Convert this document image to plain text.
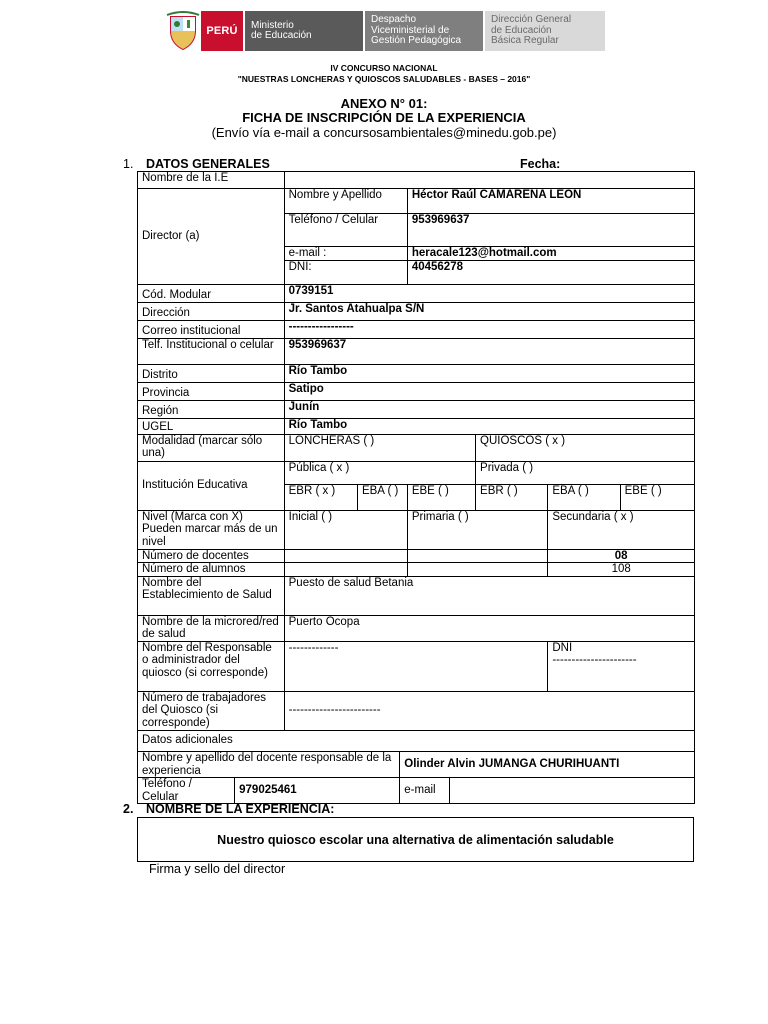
PERÚ	Ministerio
de Educación
Despacho
Viceministerial de
Gestión Pedagógica
Dirección General
de Educación
Básica Regular
IV CONCURSO NACIONAL
"NUESTRAS LONCHERAS Y QUIOSCOS SALUDABLES - BASES – 2016"
ANEXO N° 01:
FICHA DE INSCRIPCIÓN DE LA EXPERIENCIA
(Envío vía e-mail a concursosambientales@minedu.gob.pe)
1. DATOS GENERALES	Fecha:
Nombre de la I.E						
Director (a)	Nombre y Apellido		Héctor Raúl CAMARENA LEÓN			
	Teléfono / Celular		953969637			
	e-mail :		heracale123@hotmail.com			
	DNI:		40456278			
Cód. Modular	0739151					
Dirección	Jr. Santos Atahualpa S/N					
Correo institucional	-----------------					
Telf. Institucional o celular	953969637					
Distrito	Río Tambo					
Provincia	Satipo					
Región	Junín					
UGEL	Río Tambo					
Modalidad (marcar sólo una)	LONCHERAS ( )			QUIOSCOS ( x )		
Institución Educativa	Pública ( x )			Privada ( )		
	EBR ( x )	EBA ( )	EBE ( )	EBR ( )	EBA ( )	EBE ( )
Nivel (Marca con X) Pueden marcar más de un nivel	Inicial ( )		Primaria ( )		Secundaria ( x )	
Número de docentes					08	
Número de alumnos					108	
Nombre del Establecimiento de Salud	Puesto de salud Betania					
Nombre de la microred/red de salud	Puerto Ocopa					
Nombre del Responsable o administrador del quiosco (si corresponde)	-------------				DNI
----------------------	

Número de trabajadores del Quiosco (si corresponde)	------------------------					
Datos adicionales						
Nombre y apellido del docente responsable de la experiencia		Olinder Alvin JUMANGA CHURIHUANTI	
Teléfono / Celular	979025461	e-mail	
2. NOMBRE DE LA EXPERIENCIA:
Nuestro quiosco escolar una alternativa de alimentación saludable
Firma y sello del director
